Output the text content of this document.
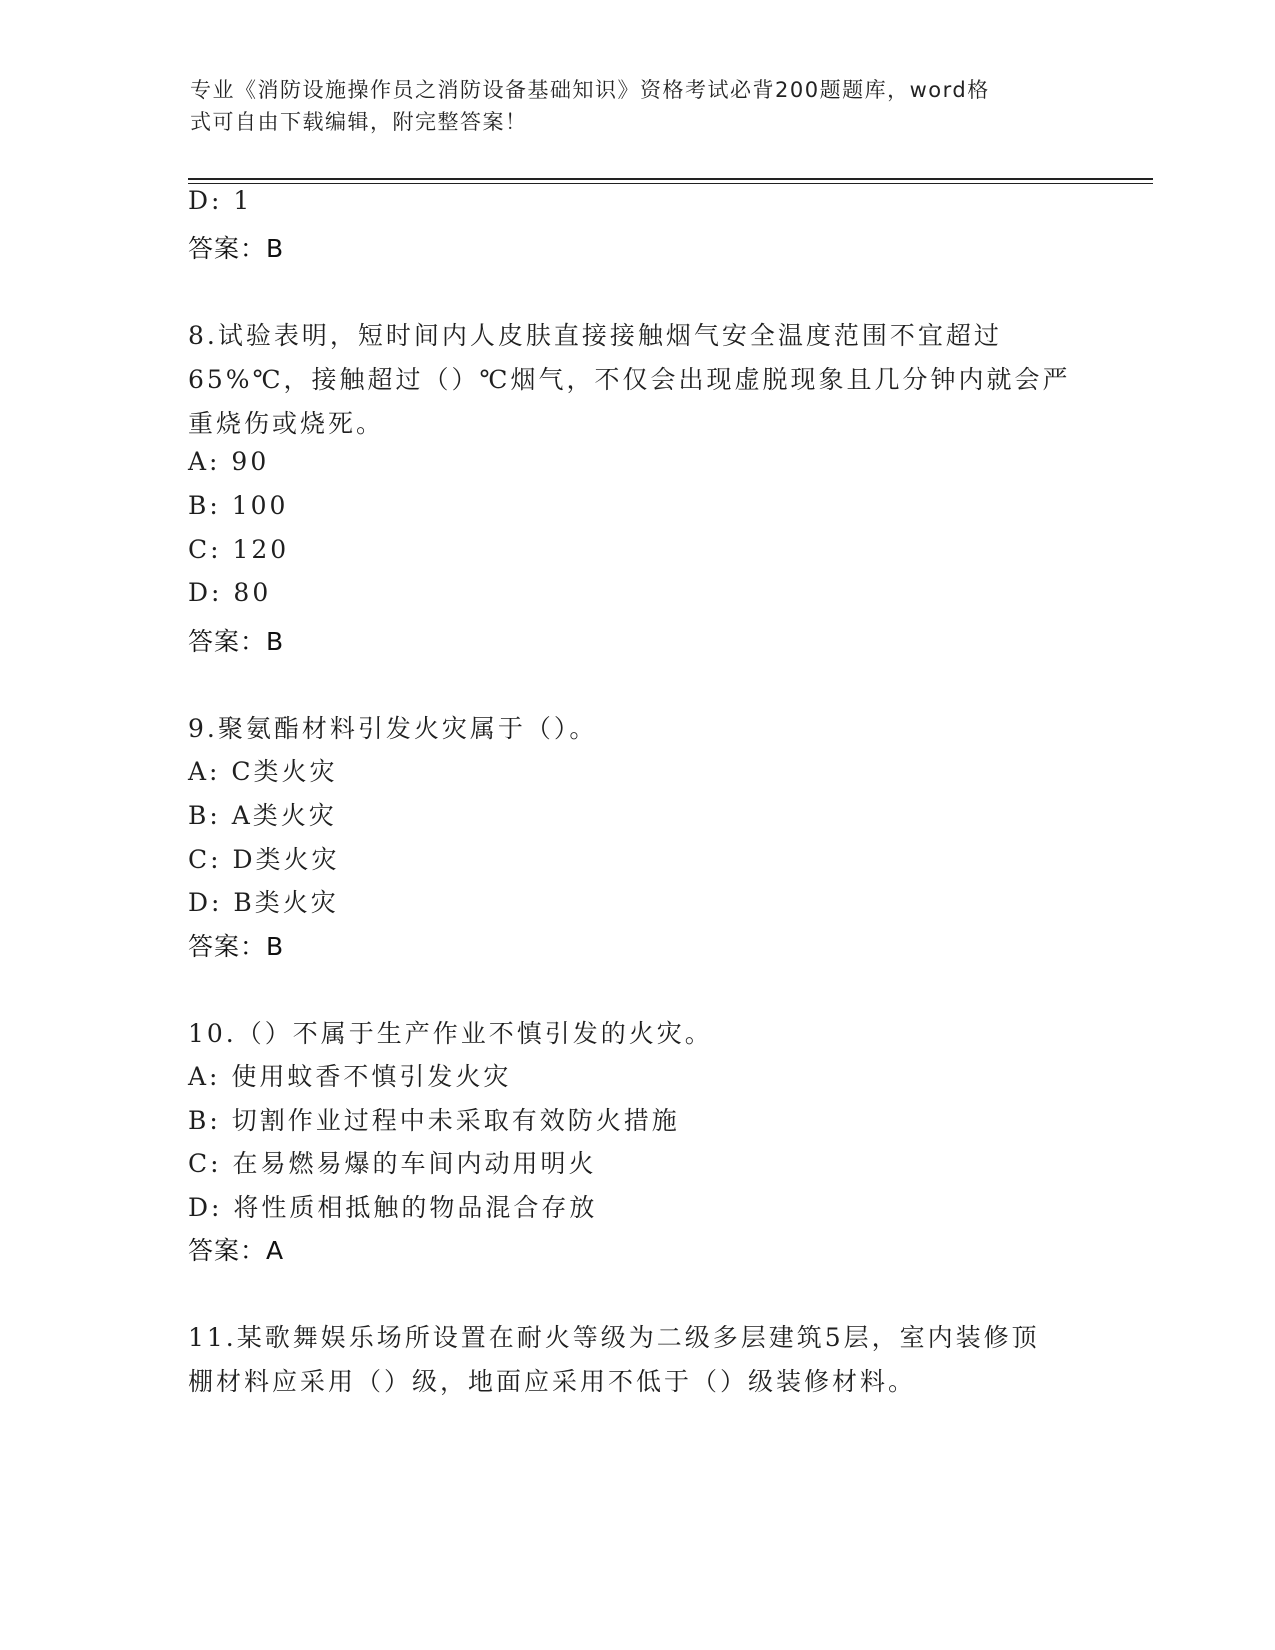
专业《消防设施操作员之消防设备基础知识》资格考试必背200题题库，word格
式可自由下载编辑，附完整答案！
D: 1
答案：B
8.试验表明，短时间内人皮肤直接接触烟气安全温度范围不宜超过
65%℃，接触超过（）℃烟气，不仅会出现虚脱现象且几分钟内就会严
重烧伤或烧死。
A: 90
B: 100
C: 120
D: 80
答案：B
9.聚氨酯材料引发火灾属于（）。
A: C类火灾
B: A类火灾
C: D类火灾
D: B类火灾
答案：B
10.（）不属于生产作业不慎引发的火灾。
A: 使用蚊香不慎引发火灾
B: 切割作业过程中未采取有效防火措施
C: 在易燃易爆的车间内动用明火
D: 将性质相抵触的物品混合存放
答案：A
11.某歌舞娱乐场所设置在耐火等级为二级多层建筑5层，室内装修顶
棚材料应采用（）级，地面应采用不低于（）级装修材料。
